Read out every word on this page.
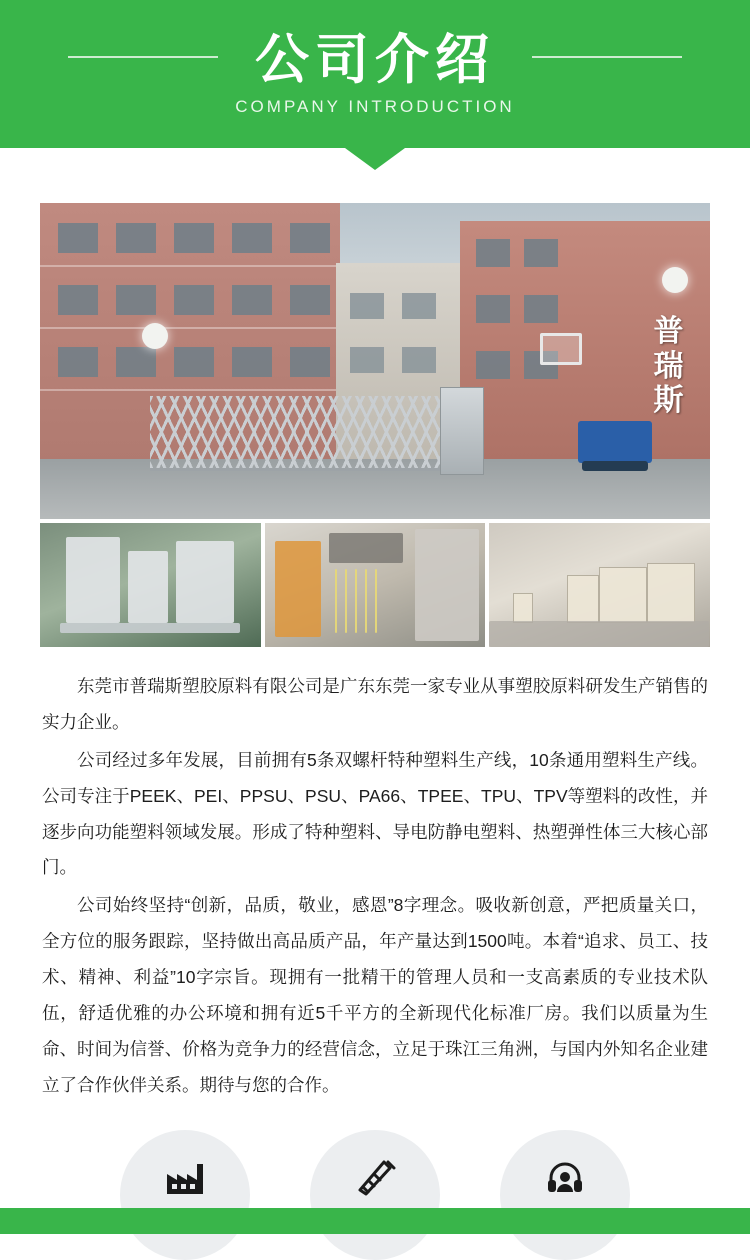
公司介绍
COMPANY INTRODUCTION
普瑞斯

东莞市普瑞斯塑胶原料有限公司是广东东莞一家专业从事塑胶原料研发生产销售的实力企业。

公司经过多年发展，目前拥有5条双螺杆特种塑料生产线，10条通用塑料生产线。公司专注于PEEK、PEI、PPSU、PSU、PA66、TPEE、TPU、TPV等塑料的改性，并逐步向功能塑料领域发展。形成了特种塑料、导电防静电塑料、热塑弹性体三大核心部门。

公司始终坚持“创新，品质，敬业，感恩”8字理念。吸收新创意，严把质量关口，全方位的服务跟踪，坚持做出高品质产品，年产量达到1500吨。本着“追求、员工、技术、精神、利益”10字宗旨。现拥有一批精干的管理人员和一支高素质的专业技术队伍，舒适优雅的办公环境和拥有近5千平方的全新现代化标准厂房。我们以质量为生命、时间为信誉、价格为竞争力的经营信念，立足于珠江三角洲，与国内外知名企业建立了合作伙伴关系。期待与您的合作。
